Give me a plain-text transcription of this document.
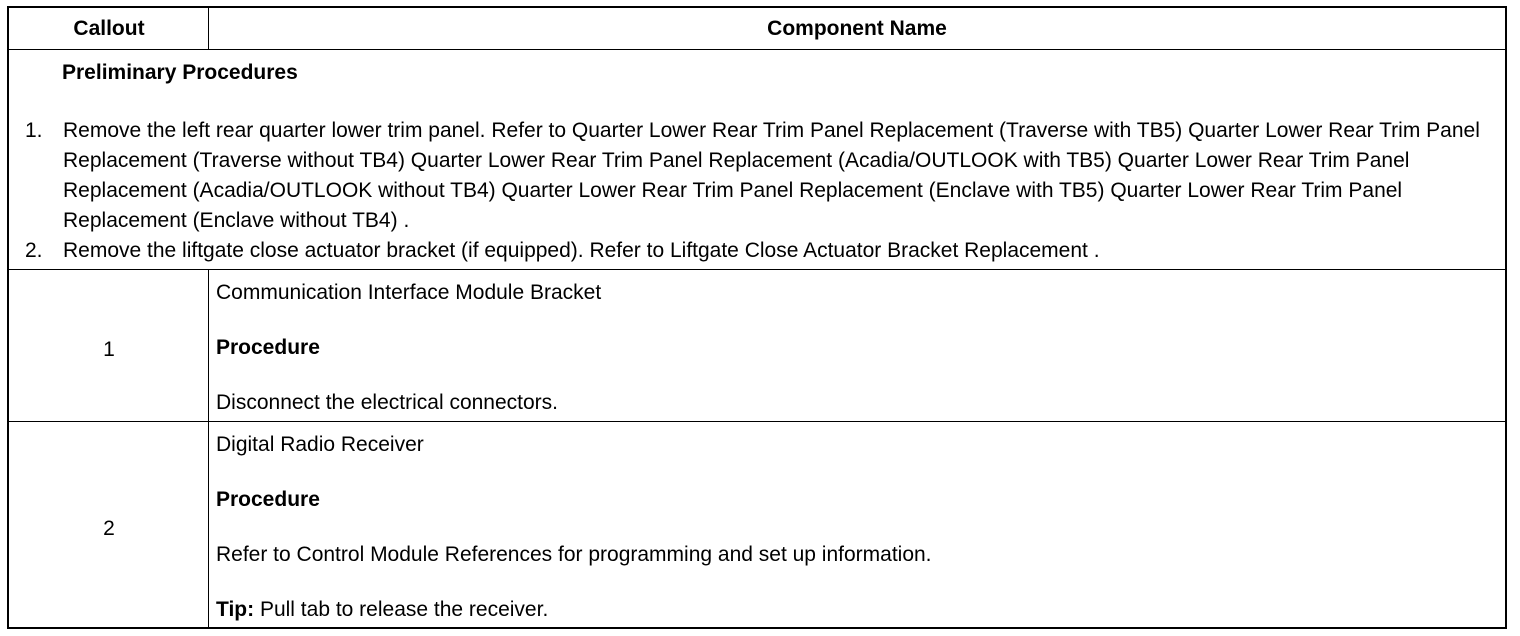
Callout	Component Name
Preliminary Procedures
1. Remove the left rear quarter lower trim panel. Refer to Quarter Lower Rear Trim Panel Replacement (Traverse with TB5) Quarter Lower Rear Trim Panel Replacement (Traverse without TB4) Quarter Lower Rear Trim Panel Replacement (Acadia/OUTLOOK with TB5) Quarter Lower Rear Trim Panel Replacement (Acadia/OUTLOOK without TB4) Quarter Lower Rear Trim Panel Replacement (Enclave with TB5) Quarter Lower Rear Trim Panel Replacement (Enclave without TB4) .
2. Remove the liftgate close actuator bracket (if equipped). Refer to Liftgate Close Actuator Bracket Replacement .
1
Communication Interface Module Bracket
Procedure
Disconnect the electrical connectors.
2
Digital Radio Receiver
Procedure
Refer to Control Module References for programming and set up information.
Tip: Pull tab to release the receiver.
